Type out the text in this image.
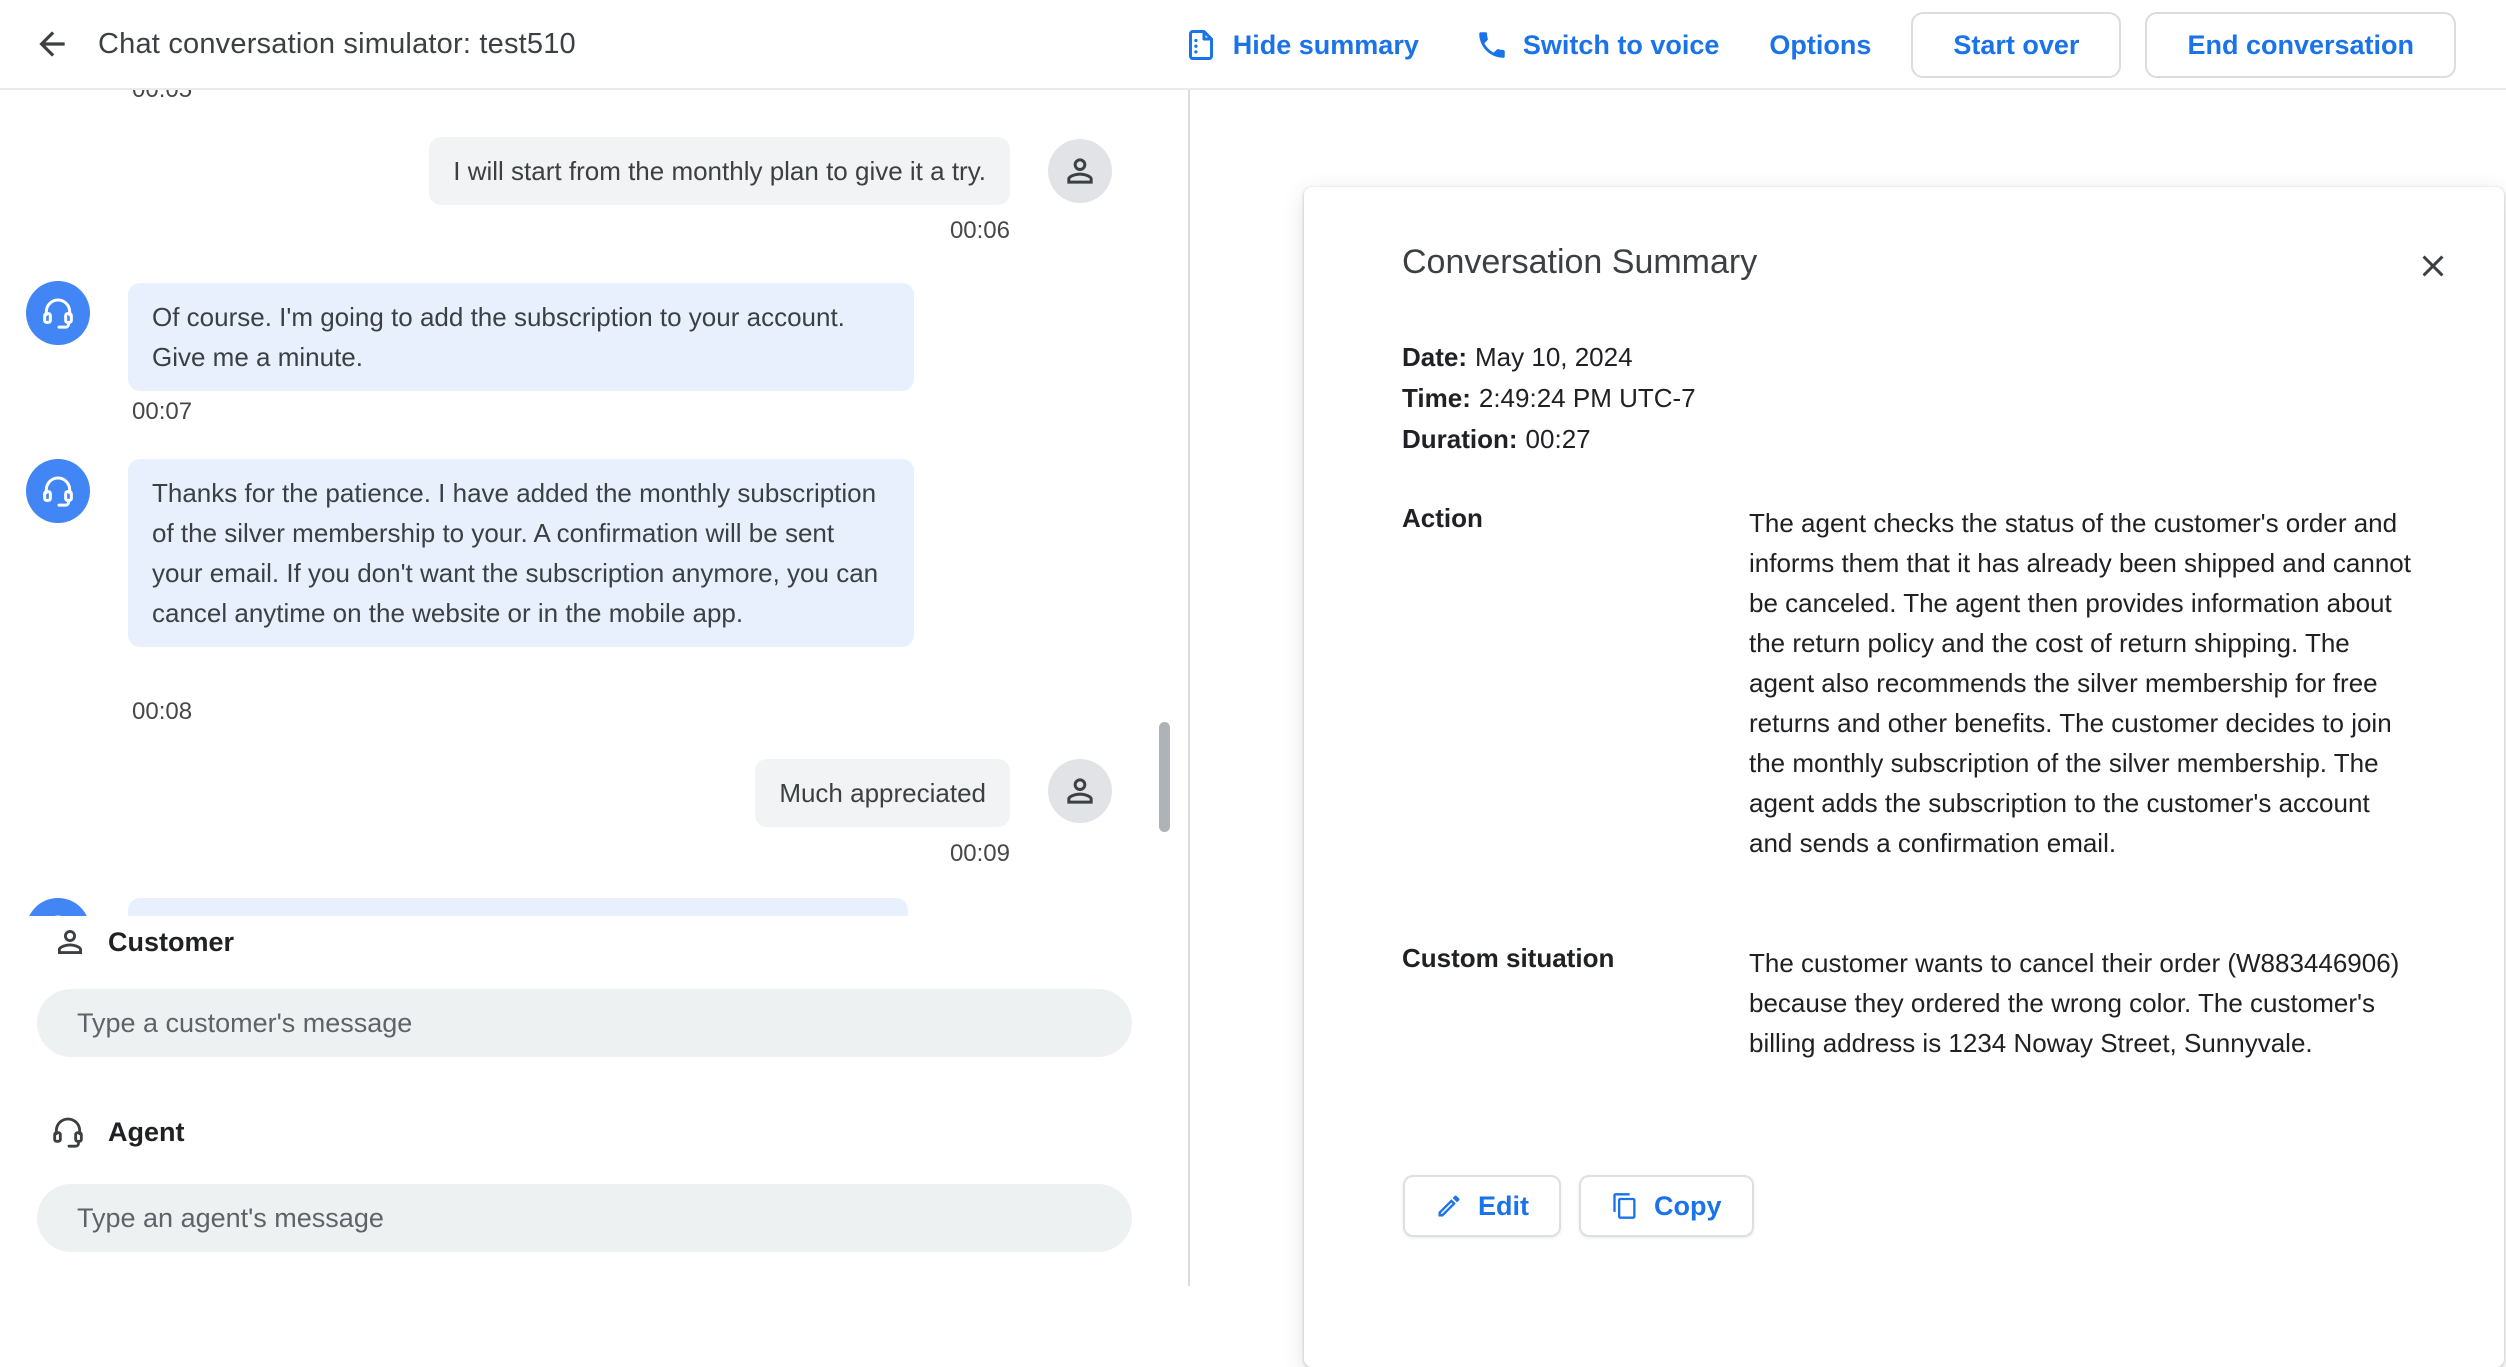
Chat conversation simulator: test510	Hide summary	Switch to voice Options	Start over	End conversation
I will start from the monthly plan to give it a try.
00:06
Of course. I'm going to add the subscription to your account. Give me a minute.
00:07
Thanks for the patience. I have added the monthly subscription of the silver membership to your. A confirmation will be sent your email. If you don't want the subscription anymore, you can cancel anytime on the website or in the mobile app.
00:08
Much appreciated
00:09
Customer
Type a customer's message
Agent
Type an agent's message
Conversation Summary
Date: May 10, 2024
Time: 2:49:24 PM UTC-7
Duration: 00:27
Action	The agent checks the status of the customer's order and informs them that it has already been shipped and cannot be canceled. The agent then provides information about the return policy and the cost of return shipping. The agent also recommends the silver membership for free returns and other benefits. The customer decides to join the monthly subscription of the silver membership. The agent adds the subscription to the customer's account and sends a confirmation email.
Custom situation	The customer wants to cancel their order (W883446906) because they ordered the wrong color. The customer's billing address is 1234 Noway Street, Sunnyvale.
Edit	Copy
